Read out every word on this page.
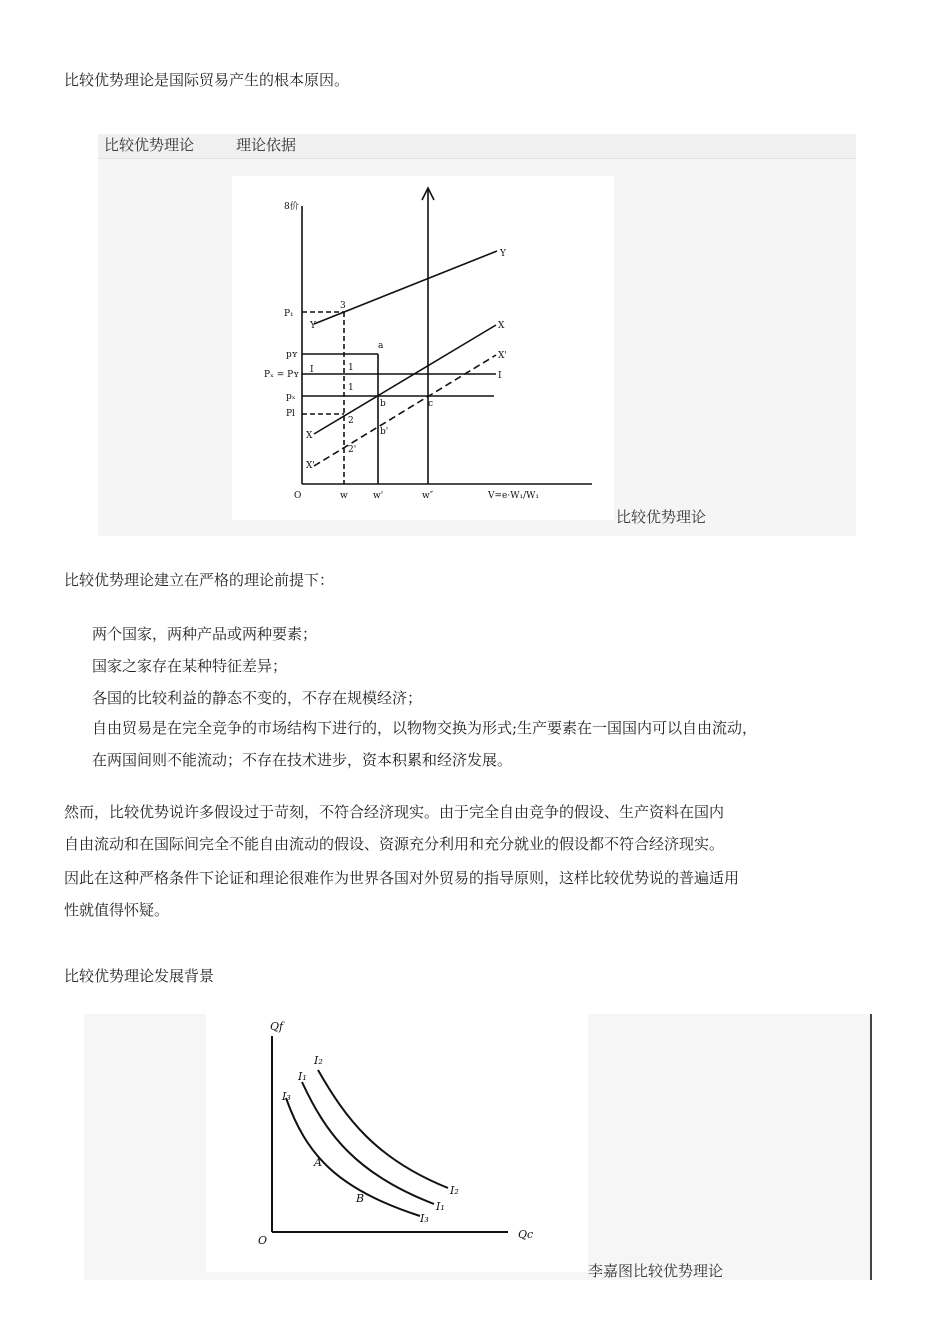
比较优势理论是国际贸易产生的根本原因。

比较优势理论	理论依据
8价
P₁
pʏ
Pₓ = Pʏ
pₓ
Pl
O	w	w'	w″	V=e·W₁/W₁
Y
Y	X
X
X'
X'
I
I
a
b
b'
c
1
1
2
2'
3
比较优势理论

比较优势理论建立在严格的理论前提下：

两个国家，两种产品或两种要素；

国家之家存在某种特征差异；

各国的比较利益的静态不变的，不存在规模经济；

自由贸易是在完全竞争的市场结构下进行的，以物物交换为形式;生产要素在一国国内可以自由流动，

在两国间则不能流动；不存在技术进步，资本积累和经济发展。

然而，比较优势说许多假设过于苛刻，不符合经济现实。由于完全自由竞争的假设、生产资料在国内

自由流动和在国际间完全不能自由流动的假设、资源充分利用和充分就业的假设都不符合经济现实。

因此在这种严格条件下论证和理论很难作为世界各国对外贸易的指导原则，这样比较优势说的普遍适用

性就值得怀疑。

比较优势理论发展背景

Qf
Qc
O
I₁
I₂
I₃
I₁
I₂
I₃
A
B
李嘉图比较优势理论
